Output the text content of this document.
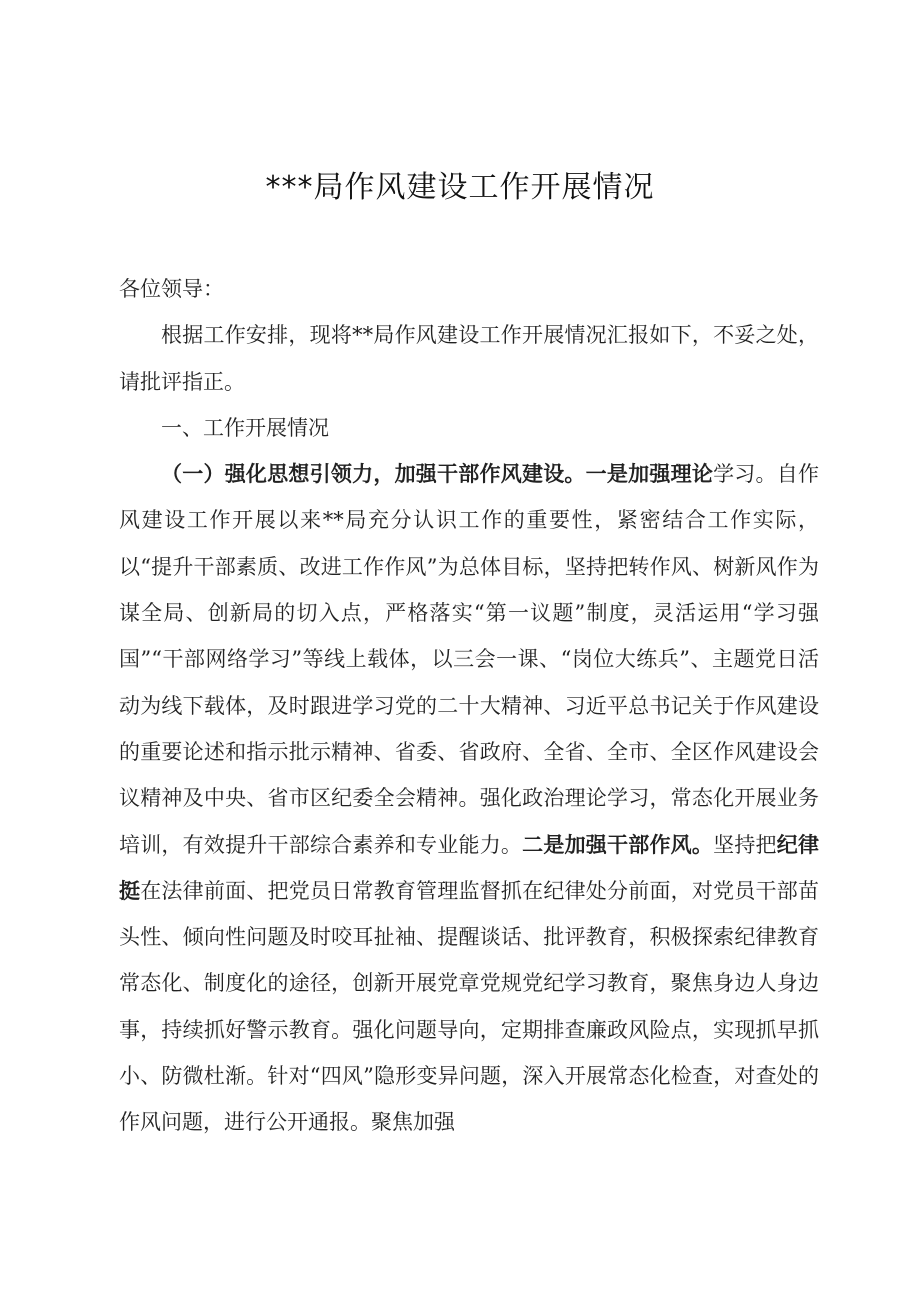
***局作风建设工作开展情况

各位领导：

根据工作安排，现将**局作风建设工作开展情况汇报如下，不妥之处，请批评指正。

一、工作开展情况

（一）强化思想引领力，加强干部作风建设。一是加强理论学习。自作风建设工作开展以来**局充分认识工作的重要性，紧密结合工作实际，以“提升干部素质、改进工作作风”为总体目标，坚持把转作风、树新风作为谋全局、创新局的切入点，严格落实“第一议题”制度，灵活运用“学习强国”“干部网络学习”等线上载体，以三会一课、“岗位大练兵”、主题党日活动为线下载体，及时跟进学习党的二十大精神、习近平总书记关于作风建设的重要论述和指示批示精神、省委、省政府、全省、全市、全区作风建设会议精神及中央、省市区纪委全会精神。强化政治理论学习，常态化开展业务培训，有效提升干部综合素养和专业能力。二是加强干部作风。坚持把纪律挺在法律前面、把党员日常教育管理监督抓在纪律处分前面，对党员干部苗头性、倾向性问题及时咬耳扯袖、提醒谈话、批评教育，积极探索纪律教育常态化、制度化的途径，创新开展党章党规党纪学习教育，聚焦身边人身边事，持续抓好警示教育。强化问题导向，定期排查廉政风险点，实现抓早抓小、防微杜渐。针对“四风”隐形变异问题，深入开展常态化检查，对查处的作风问题，进行公开通报。聚焦加强
